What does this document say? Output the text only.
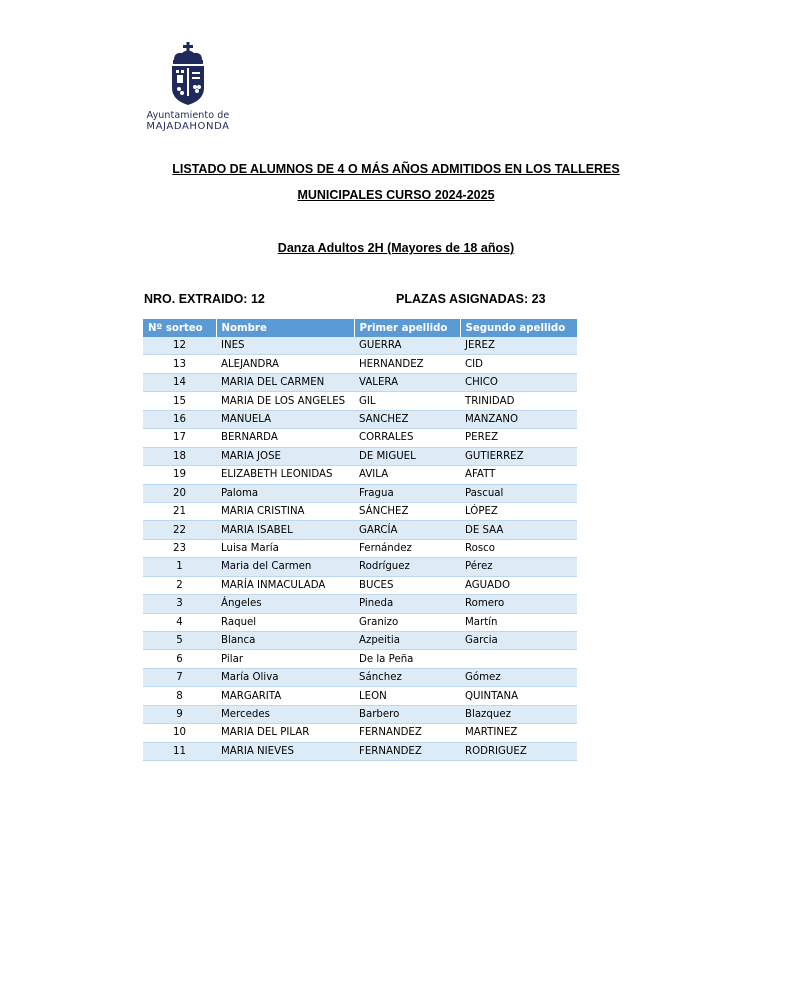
Ayuntamiento de
MAJADAHONDA
LISTADO DE ALUMNOS DE 4 O MÁS AÑOS ADMITIDOS EN LOS TALLERES
MUNICIPALES CURSO 2024-2025
Danza Adultos 2H (Mayores de 18 años)
NRO. EXTRAIDO: 12	PLAZAS ASIGNADAS: 23
Nº sorteo	Nombre	Primer apellido	Segundo apellido
12	INES	GUERRA	JEREZ
13	ALEJANDRA	HERNANDEZ	CID
14	MARIA DEL CARMEN	VALERA	CHICO
15	MARIA DE LOS ANGELES	GIL	TRINIDAD
16	MANUELA	SANCHEZ	MANZANO
17	BERNARDA	CORRALES	PEREZ
18	MARIA JOSE	DE MIGUEL	GUTIERREZ
19	ELIZABETH LEONIDAS	AVILA	AFATT
20	Paloma	Fragua	Pascual
21	MARIA CRISTINA	SÁNCHEZ	LÓPEZ
22	MARIA ISABEL	GARCÍA	DE SAA
23	Luisa María	Fernández	Rosco
1	Maria del Carmen	Rodríguez	Pérez
2	MARÍA INMACULADA	BUCES	AGUADO
3	Ángeles	Pineda	Romero
4	Raquel	Granizo	Martín
5	Blanca	Azpeitia	Garcia
6	Pilar	De la Peña	
7	María Oliva	Sánchez	Gómez
8	MARGARITA	LEON	QUINTANA
9	Mercedes	Barbero	Blazquez
10	MARIA DEL PILAR	FERNANDEZ	MARTINEZ
11	MARIA NIEVES	FERNANDEZ	RODRIGUEZ
